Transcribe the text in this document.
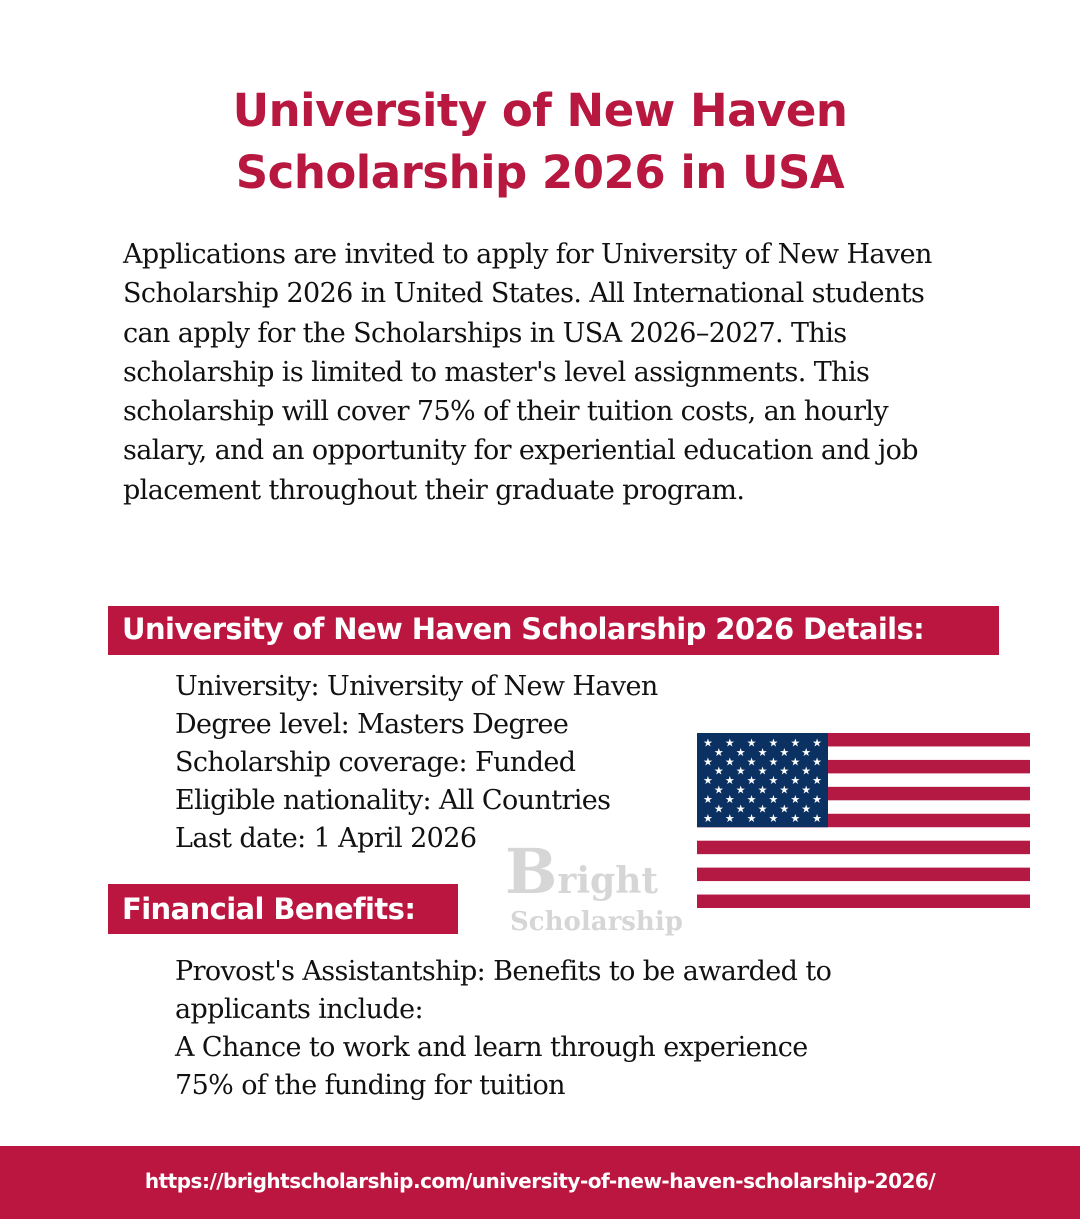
University of New Haven
Scholarship 2026 in USA
Applications are invited to apply for University of New Haven Scholarship 2026 in United States. All International students can apply for the Scholarships in USA 2026–2027. This scholarship is limited to master's level assignments. This scholarship will cover 75% of their tuition costs, an hourly salary, and an opportunity for experiential education and job placement throughout their graduate program.
University of New Haven Scholarship 2026 Details:
University: University of New Haven
Degree level: Masters Degree
Scholarship coverage: Funded
Eligible nationality: All Countries
Last date: 1 April 2026
★ ★ ★ ★ ★ ★
★ ★ ★ ★ ★
★ ★ ★ ★ ★ ★
★ ★ ★ ★ ★
★ ★ ★ ★ ★ ★
★ ★ ★ ★ ★
★ ★ ★ ★ ★ ★
★ ★ ★ ★ ★
★ ★ ★ ★ ★ ★
Bright
Scholarship
Financial Benefits:
Provost's Assistantship: Benefits to be awarded to
applicants include:
A Chance to work and learn through experience
75% of the funding for tuition
https://brightscholarship.com/university-of-new-haven-scholarship-2026/
